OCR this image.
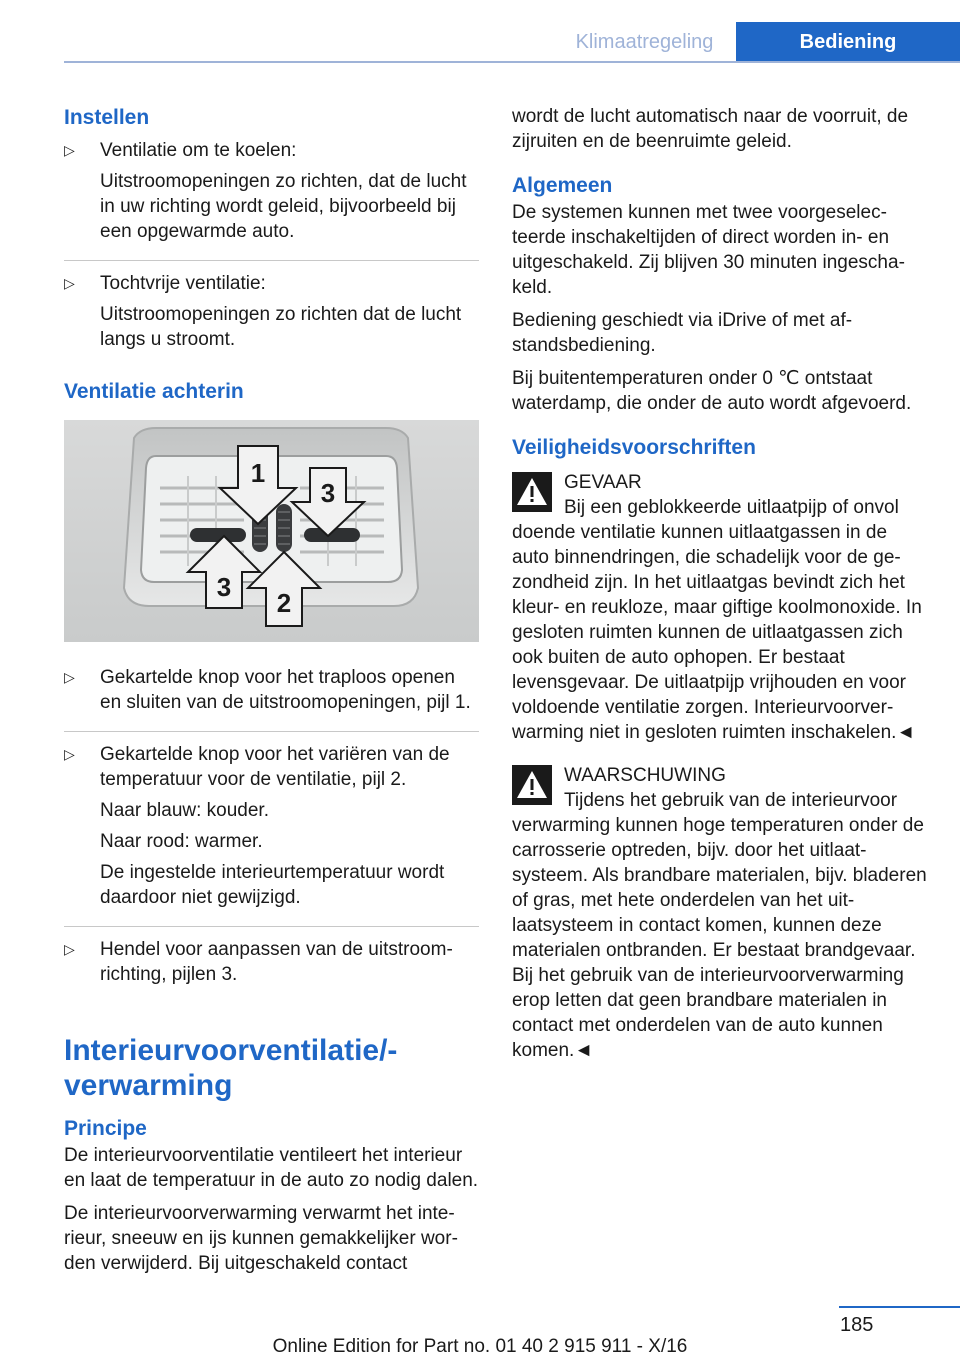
Klimaatregeling	Bediening
Instellen
▷ Ventilatie om te koelen:

Uitstroomopeningen zo richten, dat de lucht in uw richting wordt geleid, bijvoorbeeld bij een opgewarmde auto.

▷ Tochtvrije ventilatie:

Uitstroomopeningen zo richten dat de lucht langs u stroomt.

Ventilatie achterin
1
3
3
2
▷ Gekartelde knop voor het traploos openen en sluiten van de uitstroomopeningen, pijl 1.

▷ Gekartelde knop voor het variëren van de temperatuur voor de ventilatie, pijl 2.

Naar blauw: kouder.

Naar rood: warmer.

De ingestelde interieurtemperatuur wordt daardoor niet gewijzigd.

▷ Hendel voor aanpassen van de uitstroomrichting, pijlen 3.

Interieurvoorventilatie/-verwarming
Principe

De interieurvoorventilatie ventileert het interieur en laat de temperatuur in de auto zo nodig dalen.

De interieurvoorverwarming verwarmt het interieur, sneeuw en ijs kunnen gemakkelijker worden verwijderd. Bij uitgeschakeld contact

wordt de lucht automatisch naar de voorruit, de zijruiten en de beenruimte geleid.

Algemeen

De systemen kunnen met twee voorgeselecteerde inschakeltijden of direct worden in- en uitgeschakeld. Zij blijven 30 minuten ingeschakeld.

Bediening geschiedt via iDrive of met afstandsbediening.

Bij buitentemperaturen onder 0 ℃ ontstaat waterdamp, die onder de auto wordt afgevoerd.

Veiligheidsvoorschriften

GEVAAR

Bij een geblokkeerde uitlaatpijp of onvol

doende ventilatie kunnen uitlaatgassen in de auto binnendringen, die schadelijk voor de gezondheid zijn. In het uitlaatgas bevindt zich het kleur- en reukloze, maar giftige koolmonoxide. In gesloten ruimten kunnen de uitlaatgassen zich ook buiten de auto ophopen. Er bestaat levensgevaar. De uitlaatpijp vrijhouden en voor voldoende ventilatie zorgen. Interieurvoorverwarming niet in gesloten ruimten inschakelen.◄

WAARSCHUWING

Tijdens het gebruik van de interieurvoor

verwarming kunnen hoge temperaturen onder de carrosserie optreden, bijv. door het uitlaatsysteem. Als brandbare materialen, bijv. bladeren of gras, met hete onderdelen van het uitlaatsysteem in contact komen, kunnen deze materialen ontbranden. Er bestaat brandgevaar. Bij het gebruik van de interieurvoorverwarming erop letten dat geen brandbare materialen in contact met onderdelen van de auto kunnen komen.◄

185
Online Edition for Part no. 01 40 2 915 911 - X/16
